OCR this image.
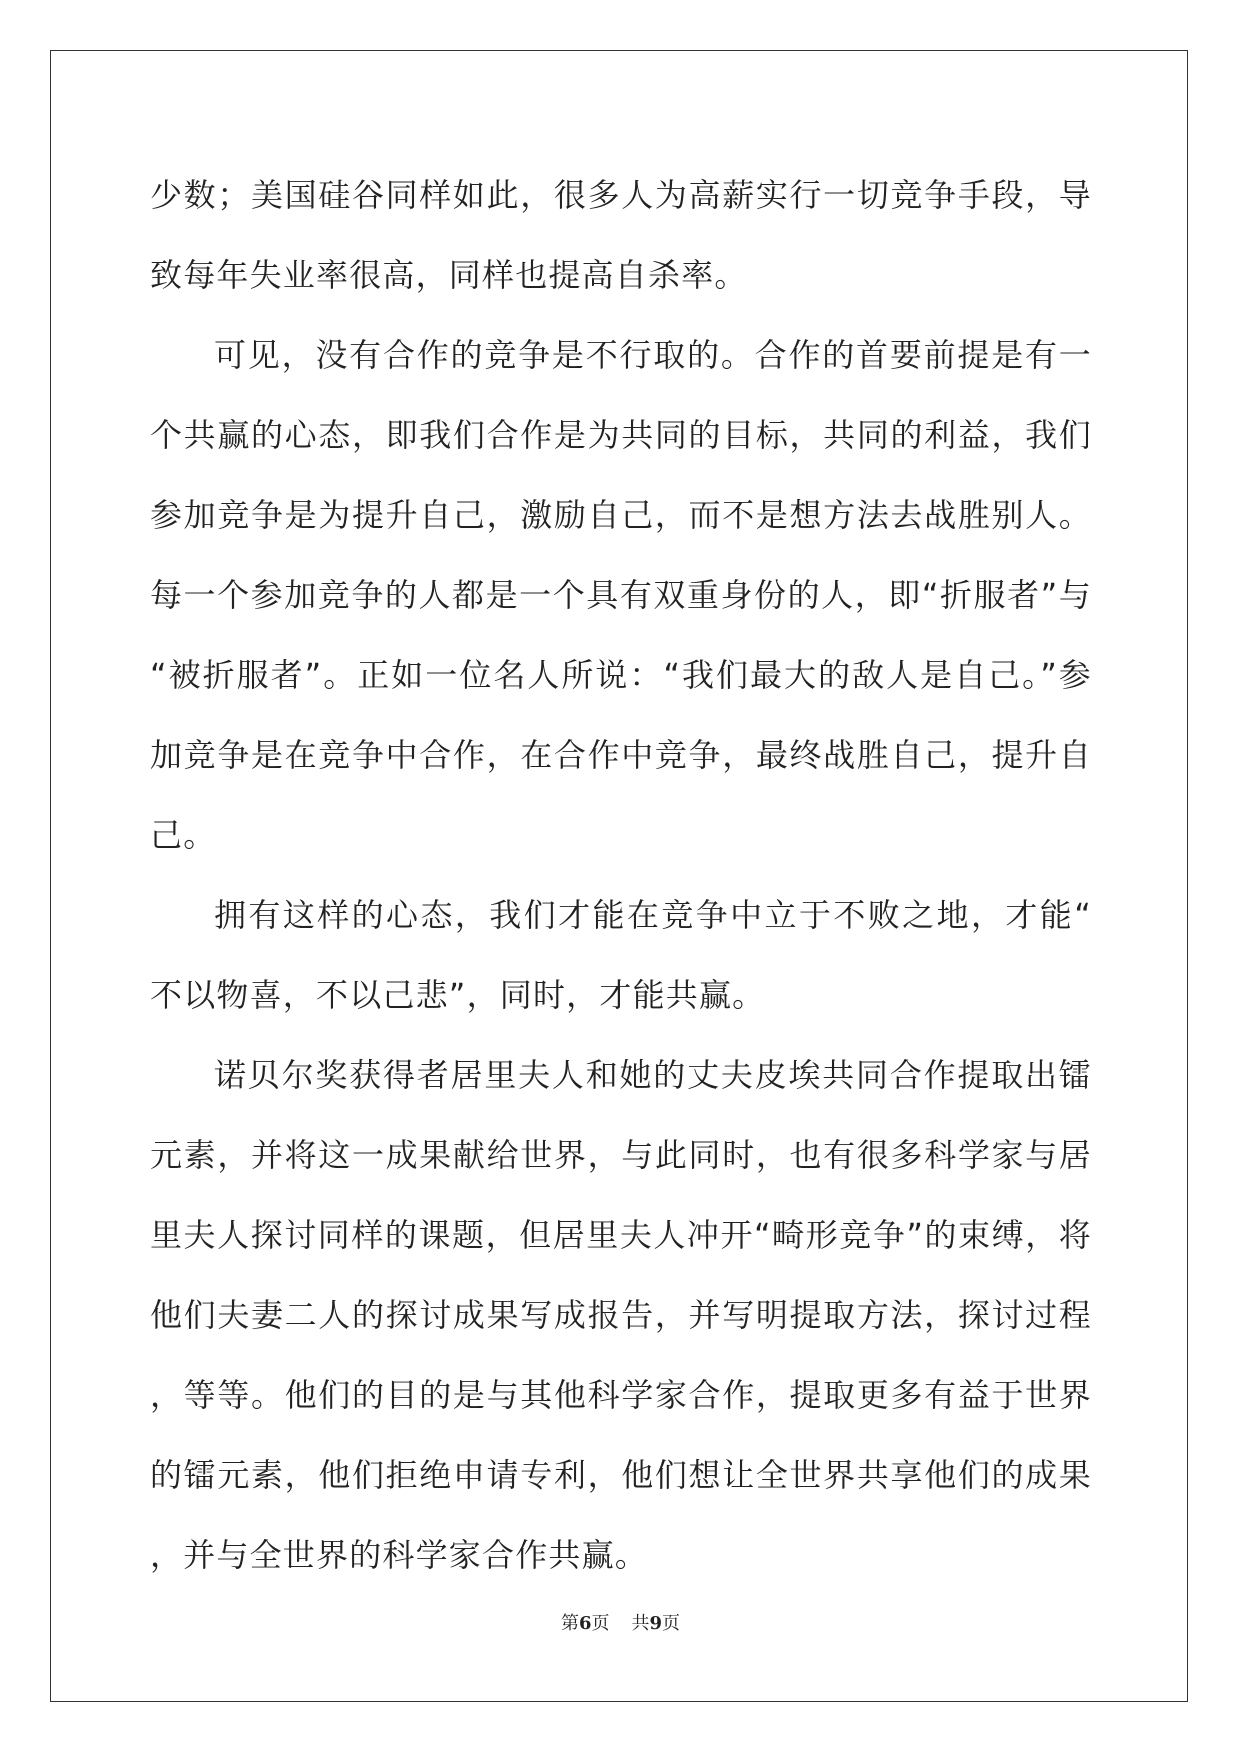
少数；美国硅谷同样如此，很多人为高薪实行一切竞争手段，导致每年失业率很高，同样也提高自杀率。

可见，没有合作的竞争是不行取的。合作的首要前提是有一个共赢的心态，即我们合作是为共同的目标，共同的利益，我们参加竞争是为提升自己，激励自己，而不是想方法去战胜别人。每一个参加竞争的人都是一个具有双重身份的人，即“折服者”与“被折服者”。正如一位名人所说：“我们最大的敌人是自己。”参加竞争是在竞争中合作，在合作中竞争，最终战胜自己，提升自己。

拥有这样的心态，我们才能在竞争中立于不败之地，才能“不以物喜，不以己悲”，同时，才能共赢。

诺贝尔奖获得者居里夫人和她的丈夫皮埃共同合作提取出镭元素，并将这一成果献给世界，与此同时，也有很多科学家与居里夫人探讨同样的课题，但居里夫人冲开“畸形竞争”的束缚，将他们夫妻二人的探讨成果写成报告，并写明提取方法，探讨过程，等等。他们的目的是与其他科学家合作，提取更多有益于世界的镭元素，他们拒绝申请专利，他们想让全世界共享他们的成果，并与全世界的科学家合作共赢。

第6页 共9页
